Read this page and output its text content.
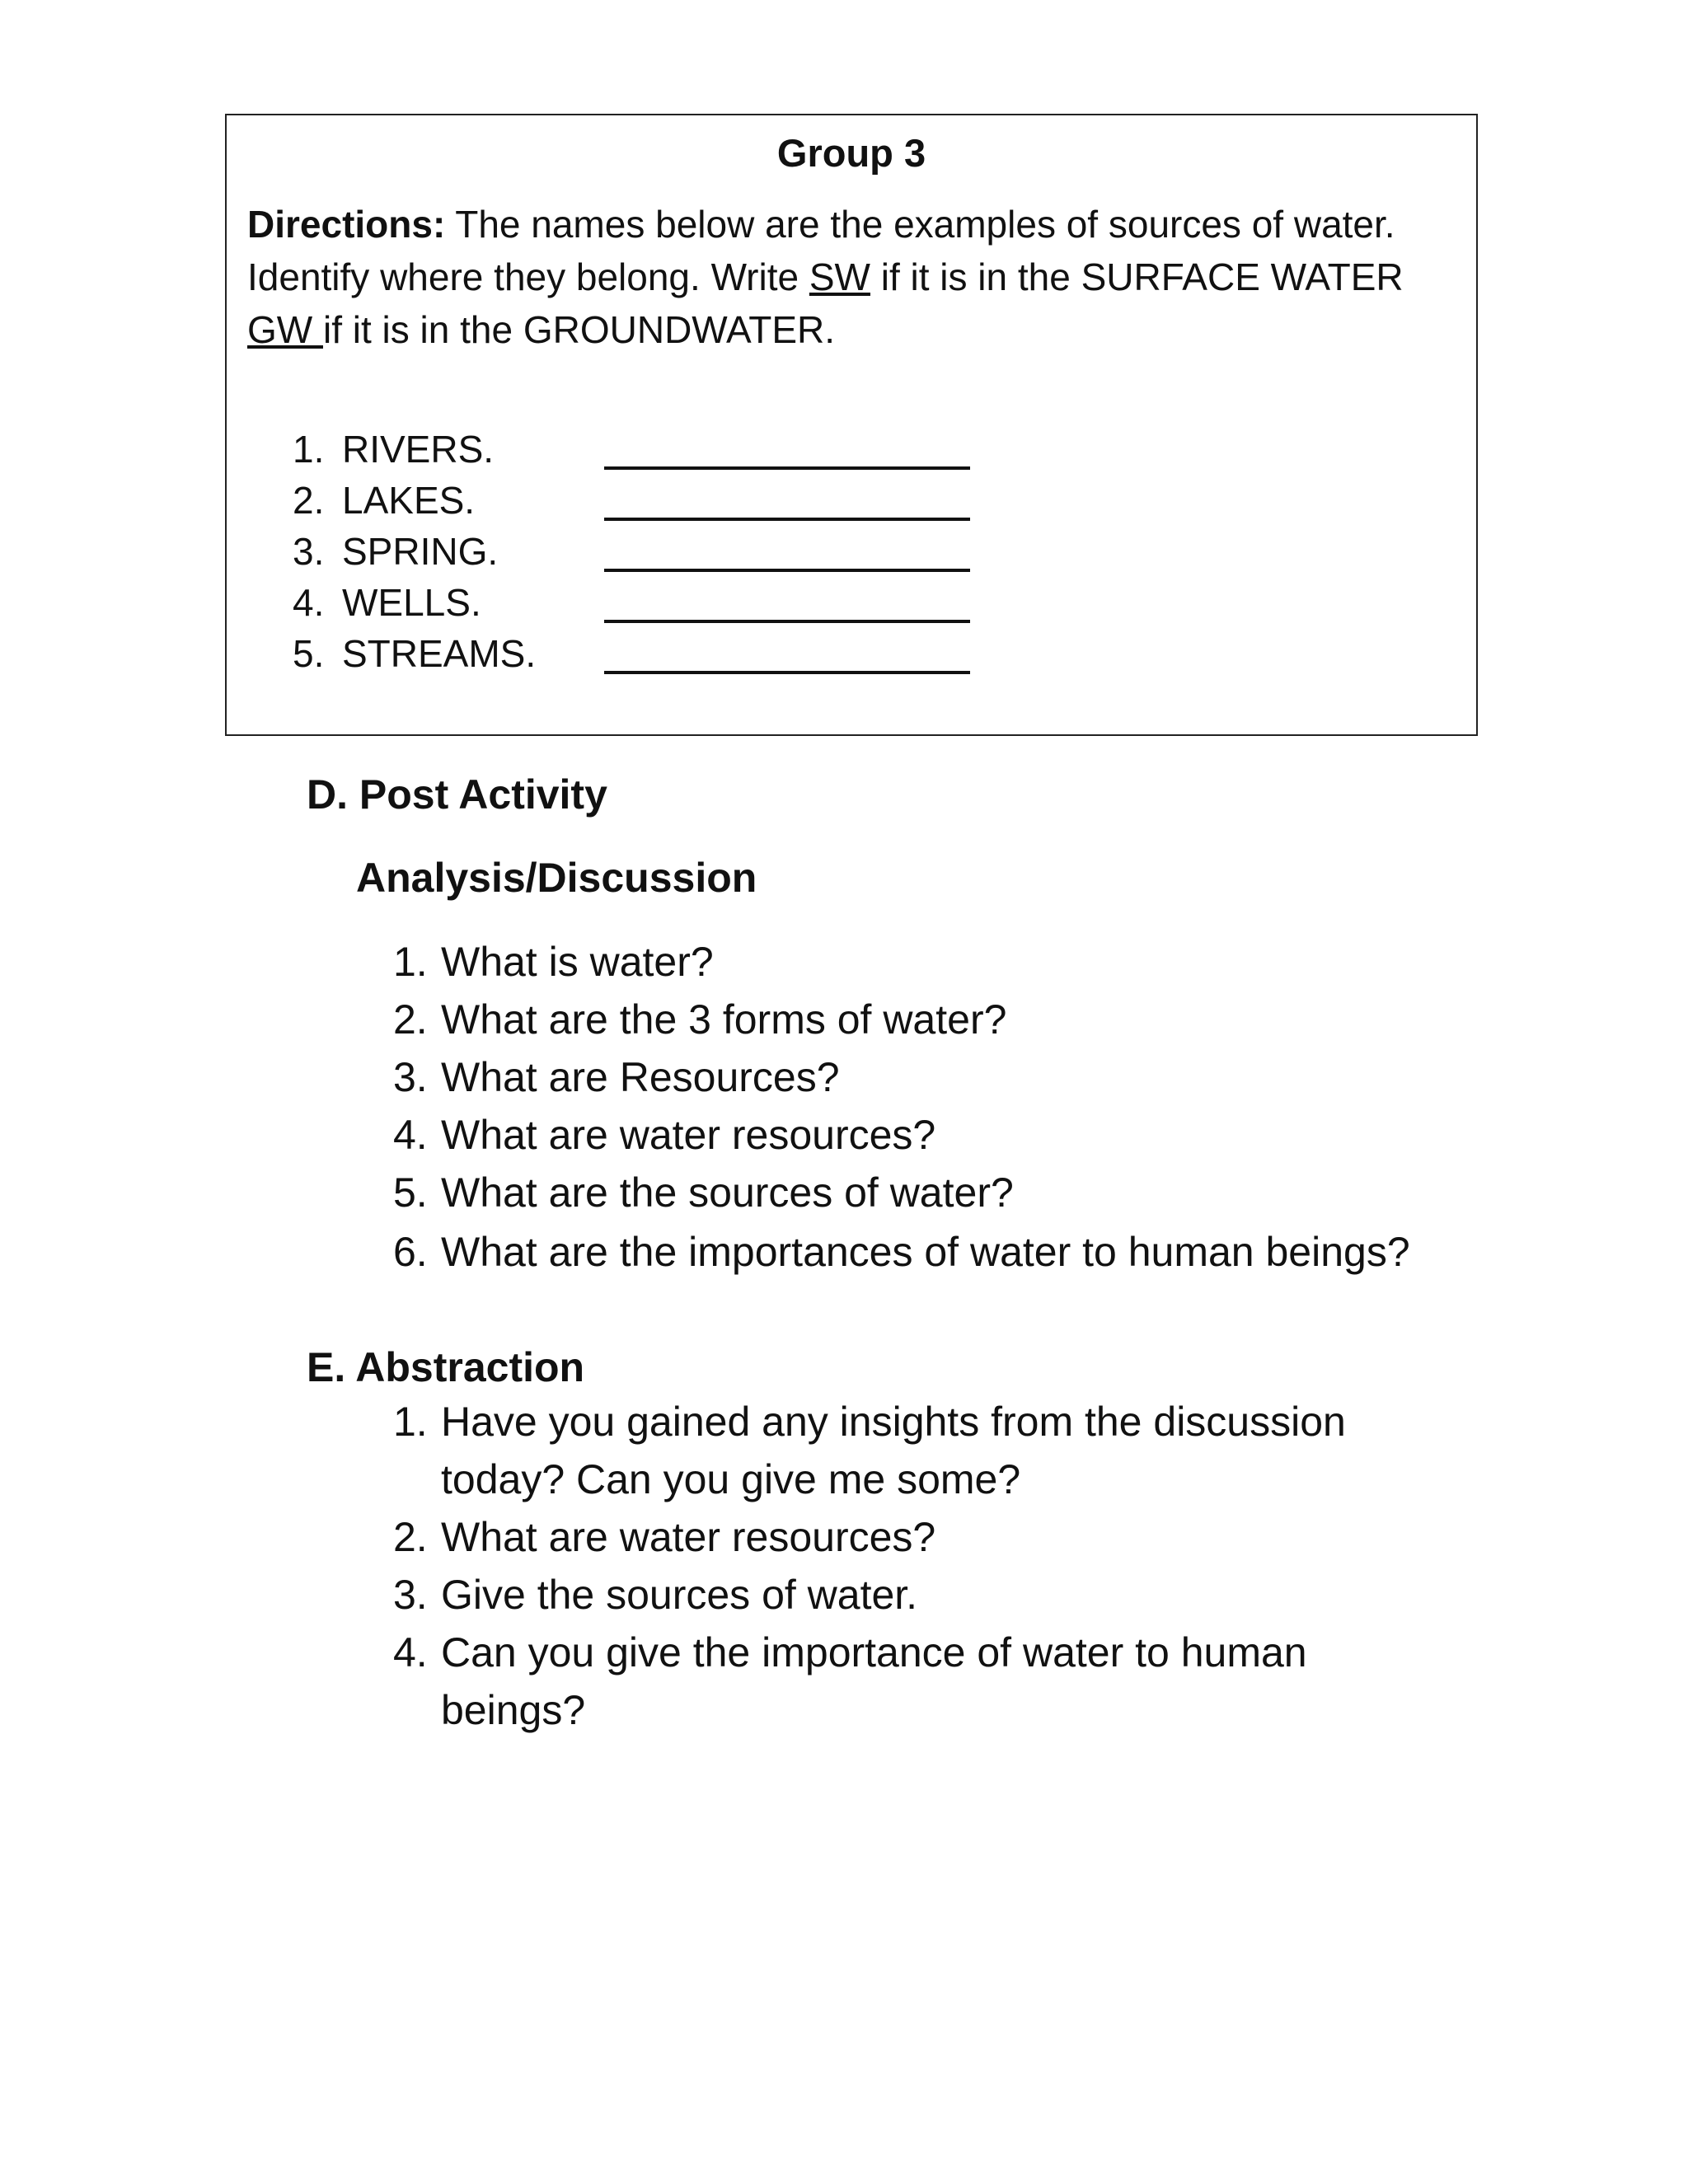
Group 3
Directions: The names below are the examples of sources of water. Identify where they belong. Write SW if it is in the SURFACE WATER
GW if it is in the GROUNDWATER.
1. RIVERS.
2. LAKES.
3. SPRING.
4. WELLS.
5. STREAMS.
D. Post Activity
Analysis/Discussion
1. What is water?
2. What are the 3 forms of water?
3. What are Resources?
4. What are water resources?
5. What are the sources of water?
6. What are the importances of water to human beings?
E. Abstraction
1. Have you gained any insights from the discussion
today? Can you give me some?
2. What are water resources?
3. Give the sources of water.
4. Can you give the importance of water to human
beings?
